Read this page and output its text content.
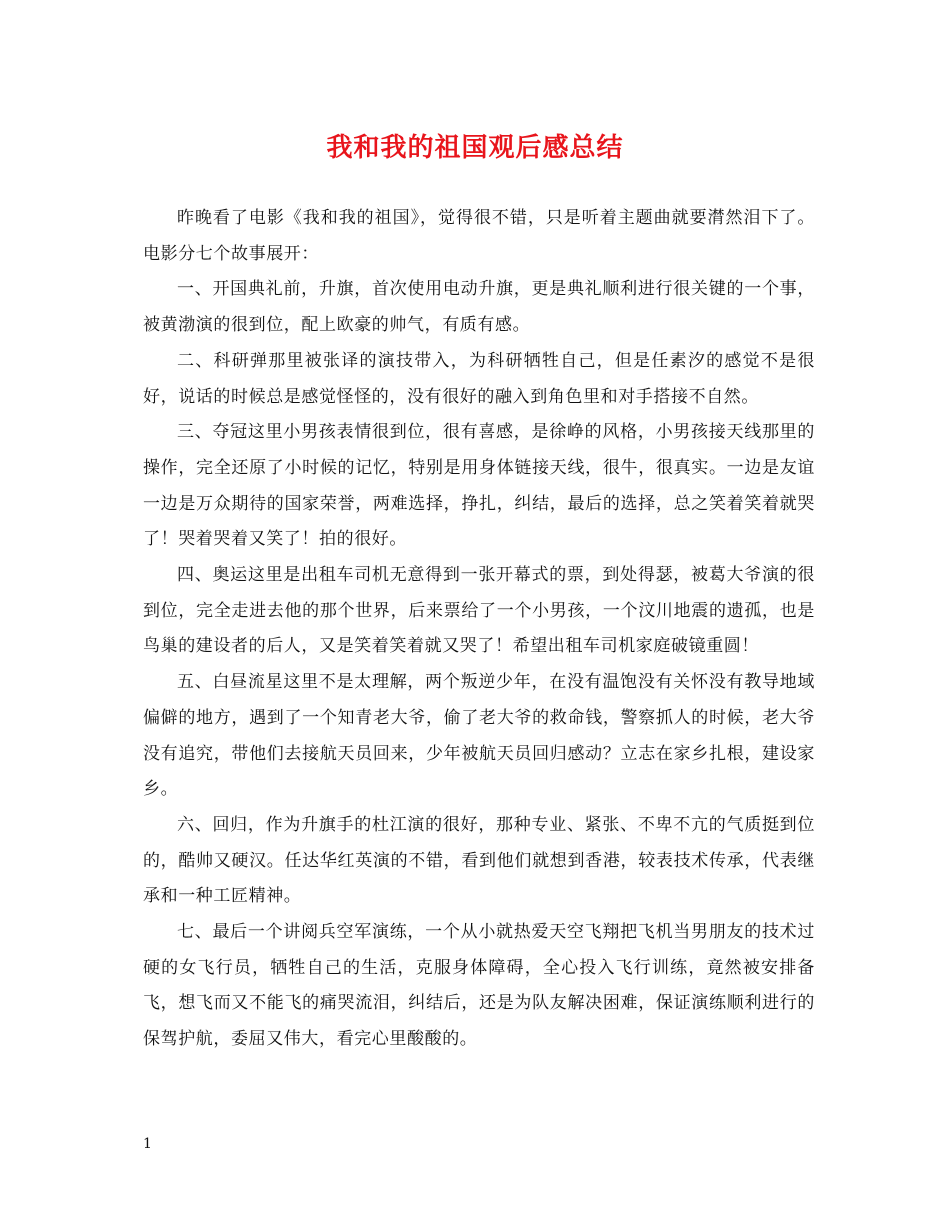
我和我的祖国观后感总结

昨晚看了电影《我和我的祖国》，觉得很不错，只是听着主题曲就要潸然泪下了。电影分七个故事展开：

一、开国典礼前，升旗，首次使用电动升旗，更是典礼顺利进行很关键的一个事，被黄渤演的很到位，配上欧豪的帅气，有质有感。

二、科研弹那里被张译的演技带入，为科研牺牲自己，但是任素汐的感觉不是很好，说话的时候总是感觉怪怪的，没有很好的融入到角色里和对手搭接不自然。

三、夺冠这里小男孩表情很到位，很有喜感，是徐峥的风格，小男孩接天线那里的操作，完全还原了小时候的记忆，特别是用身体链接天线，很牛，很真实。一边是友谊一边是万众期待的国家荣誉，两难选择，挣扎，纠结，最后的选择，总之笑着笑着就哭了！哭着哭着又笑了！拍的很好。

四、奥运这里是出租车司机无意得到一张开幕式的票，到处得瑟，被葛大爷演的很到位，完全走进去他的那个世界，后来票给了一个小男孩，一个汶川地震的遗孤，也是鸟巢的建设者的后人，又是笑着笑着就又哭了！希望出租车司机家庭破镜重圆！

五、白昼流星这里不是太理解，两个叛逆少年，在没有温饱没有关怀没有教导地域偏僻的地方，遇到了一个知青老大爷，偷了老大爷的救命钱，警察抓人的时候，老大爷没有追究，带他们去接航天员回来，少年被航天员回归感动？立志在家乡扎根，建设家乡。

六、回归，作为升旗手的杜江演的很好，那种专业、紧张、不卑不亢的气质挺到位的，酷帅又硬汉。任达华红英演的不错，看到他们就想到香港，较表技术传承，代表继承和一种工匠精神。

七、最后一个讲阅兵空军演练，一个从小就热爱天空飞翔把飞机当男朋友的技术过硬的女飞行员，牺牲自己的生活，克服身体障碍，全心投入飞行训练，竟然被安排备飞，想飞而又不能飞的痛哭流泪，纠结后，还是为队友解决困难，保证演练顺利进行的保驾护航，委屈又伟大，看完心里酸酸的。

1
